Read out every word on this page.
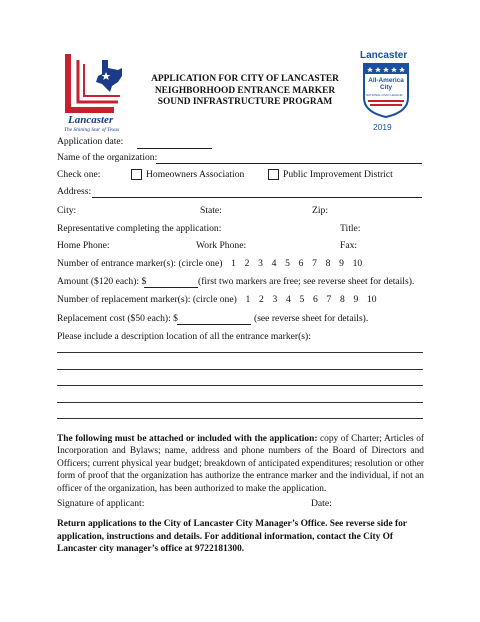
Lancaster
The Shining Star of Texas
APPLICATION FOR CITY OF LANCASTER
NEIGHBORHOOD ENTRANCE MARKER
SOUND INFRASTRUCTURE PROGRAM
Lancaster
All-America City
NATIONAL CIVIC LEAGUE
2019
Application date:
Name of the organization:
Check one:	Homeowners Association	Public Improvement District
Address:
City:	State:	Zip:
Representative completing the application:	Title:
Home Phone:	Work Phone:	Fax:
Number of entrance marker(s): (circle one) 1 2 3 4 5 6 7 8 9 10
Amount ($120 each): $	(first two markers are free; see reverse sheet for details).
Number of replacement marker(s): (circle one) 1 2 3 4 5 6 7 8 9 10
Replacement cost ($50 each): $	(see reverse sheet for details).
Please include a description location of all the entrance marker(s):
The following must be attached or included with the application: copy of Charter; Articles of Incorporation and Bylaws; name, address and phone numbers of the Board of Directors and Officers; current physical year budget; breakdown of anticipated expenditures; resolution or other form of proof that the organization has authorize the entrance marker and the individual, if not an officer of the organization, has been authorized to make the application.
Signature of applicant:	Date:
Return applications to the City of Lancaster City Manager’s Office. See reverse side for application, instructions and details. For additional information, contact the City Of Lancaster city manager’s office at 9722181300.
